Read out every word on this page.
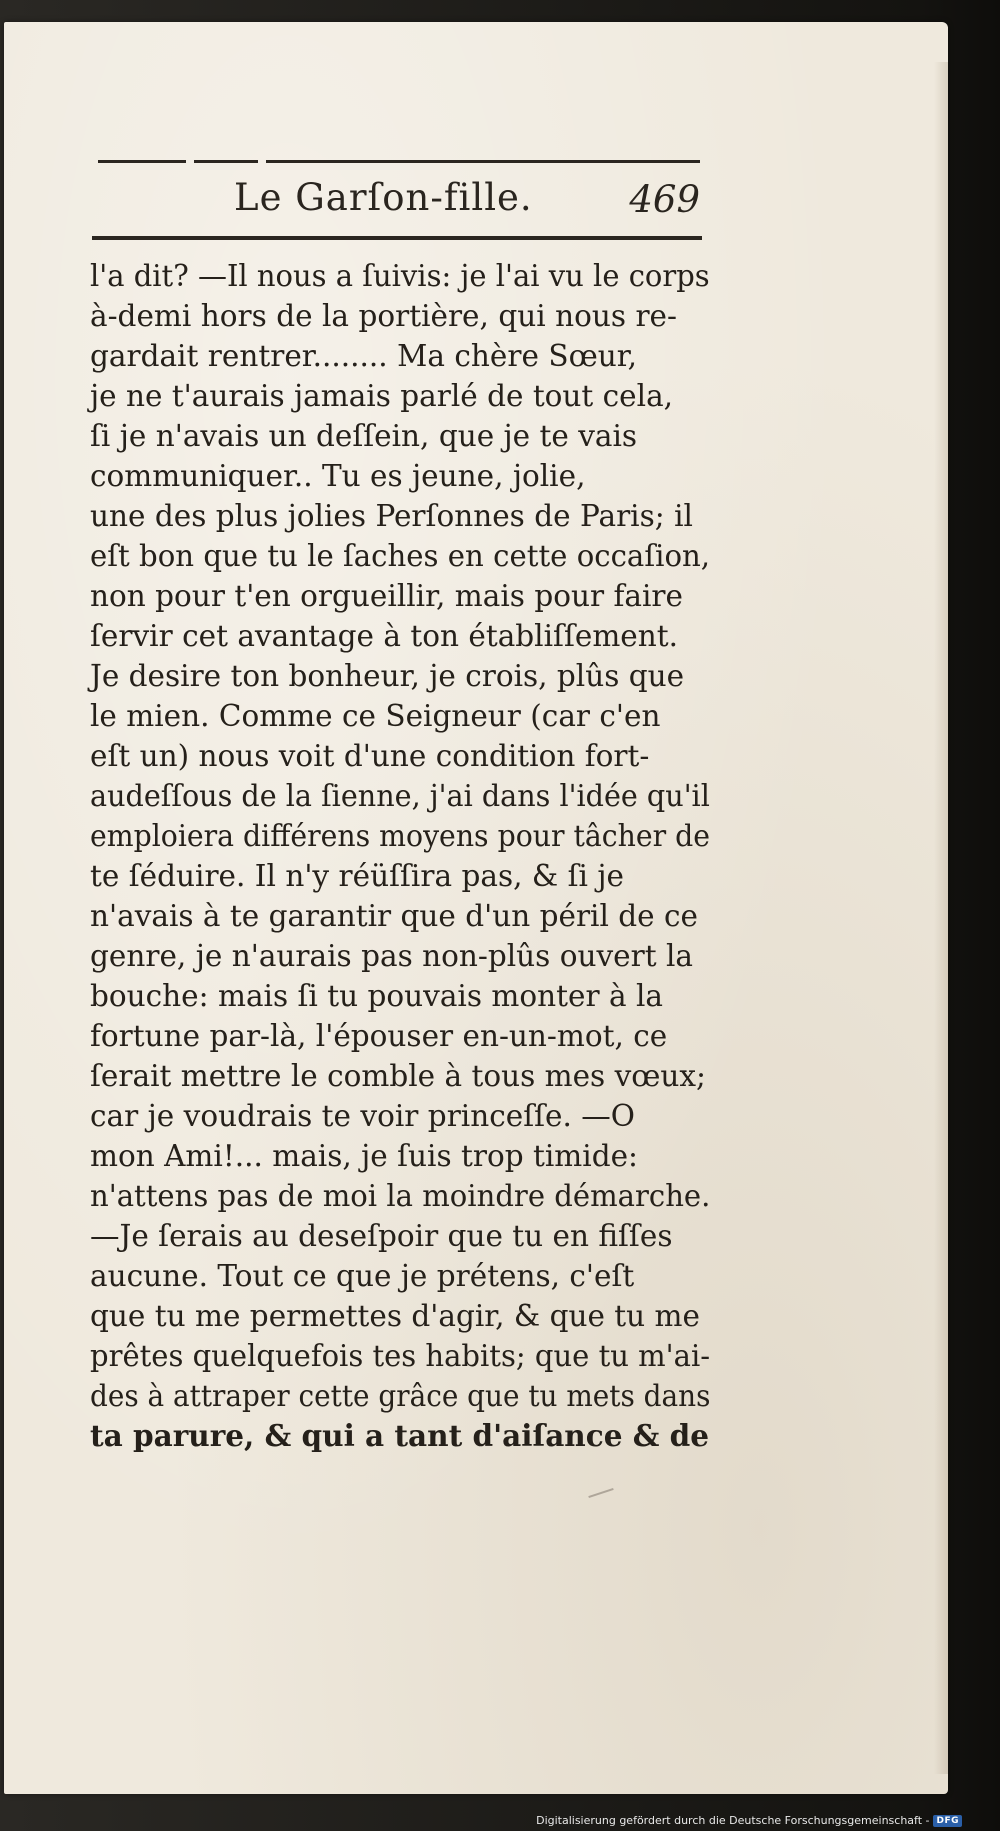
Le Garſon-fille.	469
l'a dit? —Il nous a ſuivis: je l'ai vu le corps
à-demi hors de la portière, qui nous re-
gardait rentrer........ Ma chère Sœur,
je ne t'aurais jamais parlé de tout cela,
ſi je n'avais un deſſein, que je te vais
communiquer.. Tu es jeune, jolie,
une des plus jolies Perſonnes de Paris; il
eſt bon que tu le ſaches en cette occaſion,
non pour t'en orgueillir, mais pour faire
ſervir cet avantage à ton établiſſement.
Je desire ton bonheur, je crois, plûs que
le mien. Comme ce Seigneur (car c'en
eſt un) nous voit d'une condition fort-
audeſſous de la ſienne, j'ai dans l'idée qu'il
emploiera différens moyens pour tâcher de
te ſéduire. Il n'y réüſſira pas, & ſi je
n'avais à te garantir que d'un péril de ce
genre, je n'aurais pas non-plûs ouvert la
bouche: mais ſi tu pouvais monter à la
fortune par-là, l'épouser en-un-mot, ce
ſerait mettre le comble à tous mes vœux;
car je voudrais te voir princeſſe. —O
mon Ami!... mais, je ſuis trop timide:
n'attens pas de moi la moindre démarche.
—Je ſerais au deseſpoir que tu en fiſſes
aucune. Tout ce que je prétens, c'eſt
que tu me permettes d'agir, & que tu me
prêtes quelquefois tes habits; que tu m'ai-
des à attraper cette grâce que tu mets dans
ta parure, & qui a tant d'aiſance & de
Digitalisierung gefördert durch die Deutsche Forschungsgemeinschaft - DFG
